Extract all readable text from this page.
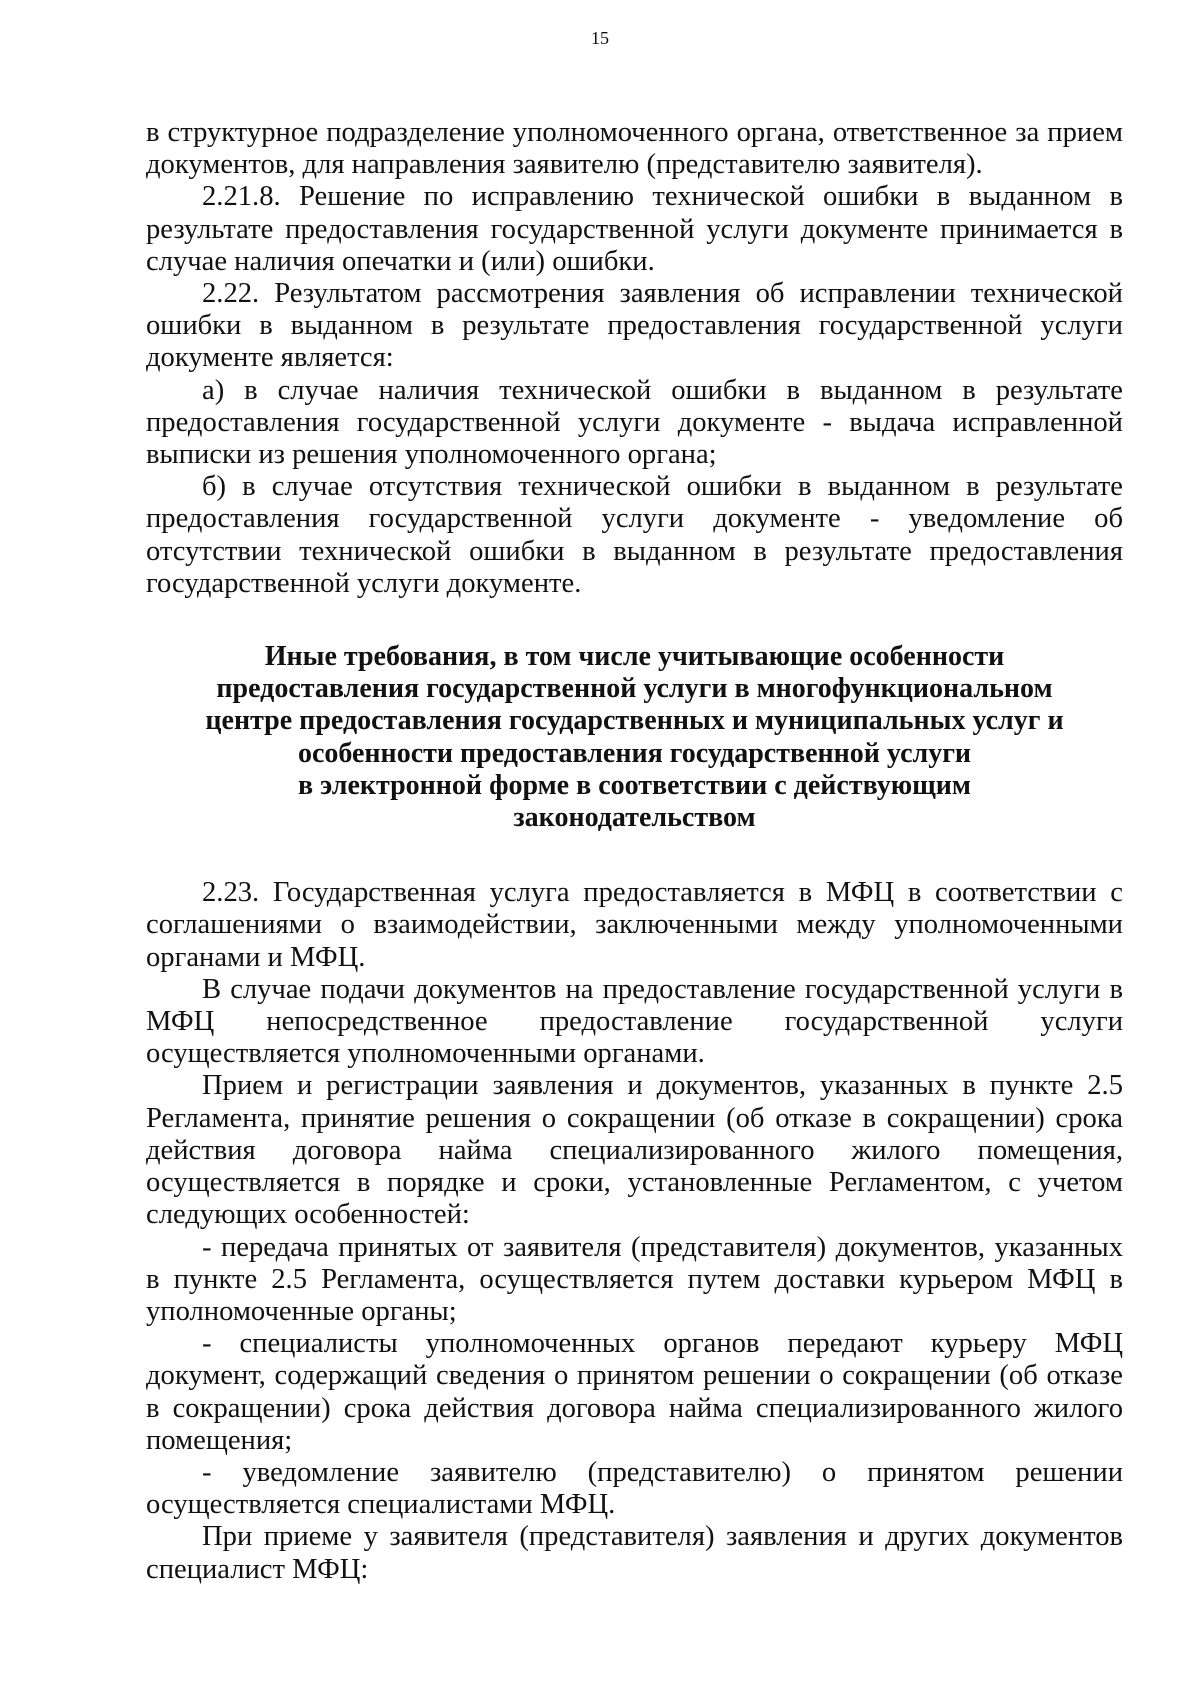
15

в структурное подразделение уполномоченного органа, ответственное за прием документов, для направления заявителю (представителю заявителя).

2.21.8. Решение по исправлению технической ошибки в выданном в результате предоставления государственной услуги документе принимается в случае наличия опечатки и (или) ошибки.

2.22. Результатом рассмотрения заявления об исправлении технической ошибки в выданном в результате предоставления государственной услуги документе является:

а) в случае наличия технической ошибки в выданном в результате предоставления государственной услуги документе - выдача исправленной выписки из решения уполномоченного органа;

б) в случае отсутствия технической ошибки в выданном в результате предоставления государственной услуги документе - уведомление об отсутствии технической ошибки в выданном в результате предоставления государственной услуги документе.

Иные требования, в том числе учитывающие особенности
предоставления государственной услуги в многофункциональном
центре предоставления государственных и муниципальных услуг и
особенности предоставления государственной услуги
в электронной форме в соответствии с действующим
законодательством

2.23. Государственная услуга предоставляется в МФЦ в соответствии с соглашениями о взаимодействии, заключенными между уполномоченными органами и МФЦ.

В случае подачи документов на предоставление государственной услуги в МФЦ непосредственное предоставление государственной услуги осуществляется уполномоченными органами.

Прием и регистрации заявления и документов, указанных в пункте 2.5 Регламента, принятие решения о сокращении (об отказе в сокращении) срока действия договора найма специализированного жилого помещения, осуществляется в порядке и сроки, установленные Регламентом, с учетом следующих особенностей:

- передача принятых от заявителя (представителя) документов, указанных в пункте 2.5 Регламента, осуществляется путем доставки курьером МФЦ в уполномоченные органы;

- специалисты уполномоченных органов передают курьеру МФЦ документ, содержащий сведения о принятом решении о сокращении (об отказе в сокращении) срока действия договора найма специализированного жилого помещения;

- уведомление заявителю (представителю) о принятом решении осуществляется специалистами МФЦ.

При приеме у заявителя (представителя) заявления и других документов специалист МФЦ:
